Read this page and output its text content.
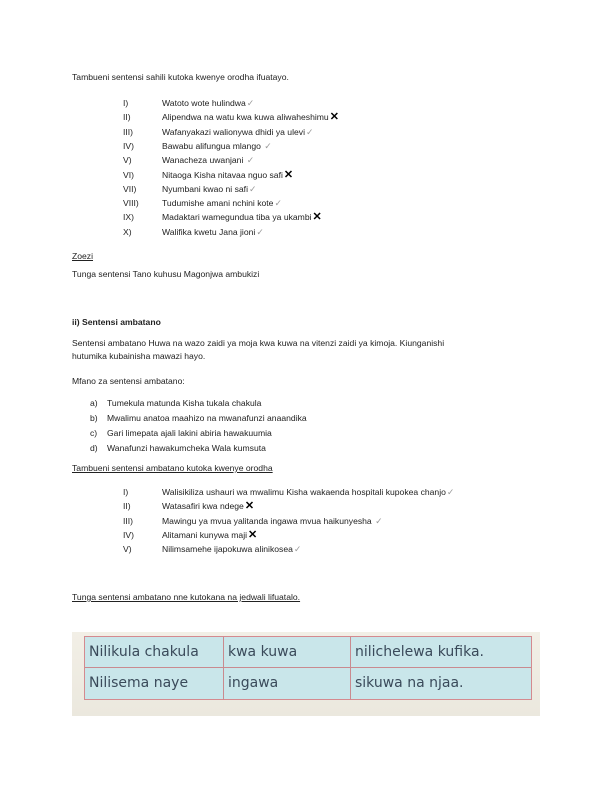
Tambueni sentensi sahili kutoka kwenye orodha ifuatayo.
I)	Watoto wote hulindwa✓
II)	Alipendwa na watu kwa kuwa aliwaheshimu✕
III)	Wafanyakazi walionywa dhidi ya ulevi✓
IV)	Bawabu alifungua mlango ✓
V)	Wanacheza uwanjani ✓
VI)	Nitaoga Kisha nitavaa nguo safi✕
VII)	Nyumbani kwao ni safi✓
VIII)	Tudumishe amani nchini kote✓
IX)	Madaktari wamegundua tiba ya ukambi✕
X)	Walifika kwetu Jana jioni✓
Zoezi
Tunga sentensi Tano kuhusu Magonjwa ambukizi
ii) Sentensi ambatano
Sentensi ambatano Huwa na wazo zaidi ya moja kwa kuwa na vitenzi zaidi ya kimoja. Kiunganishi
hutumika kubainisha mawazi hayo.
Mfano za sentensi ambatano:
a) Tumekula matunda Kisha tukala chakula
b) Mwalimu anatoa maahizo na mwanafunzi anaandika
c) Gari limepata ajali lakini abiria hawakuumia
d) Wanafunzi hawakumcheka Wala kumsuta
Tambueni sentensi ambatano kutoka kwenye orodha
I)	Walisikiliza ushauri wa mwalimu Kisha wakaenda hospitali kupokea chanjo✓
II)	Watasafiri kwa ndege✕
III)	Mawingu ya mvua yalitanda ingawa mvua haikunyesha ✓
IV)	Alitamani kunywa maji✕
V)	Nilimsamehe ijapokuwa alinikosea✓
Tunga sentensi ambatano nne kutokana na jedwali lifuatalo.
Nilikula chakula	kwa kuwa	nilichelewa kufika.
Nilisema naye	ingawa	sikuwa na njaa.
